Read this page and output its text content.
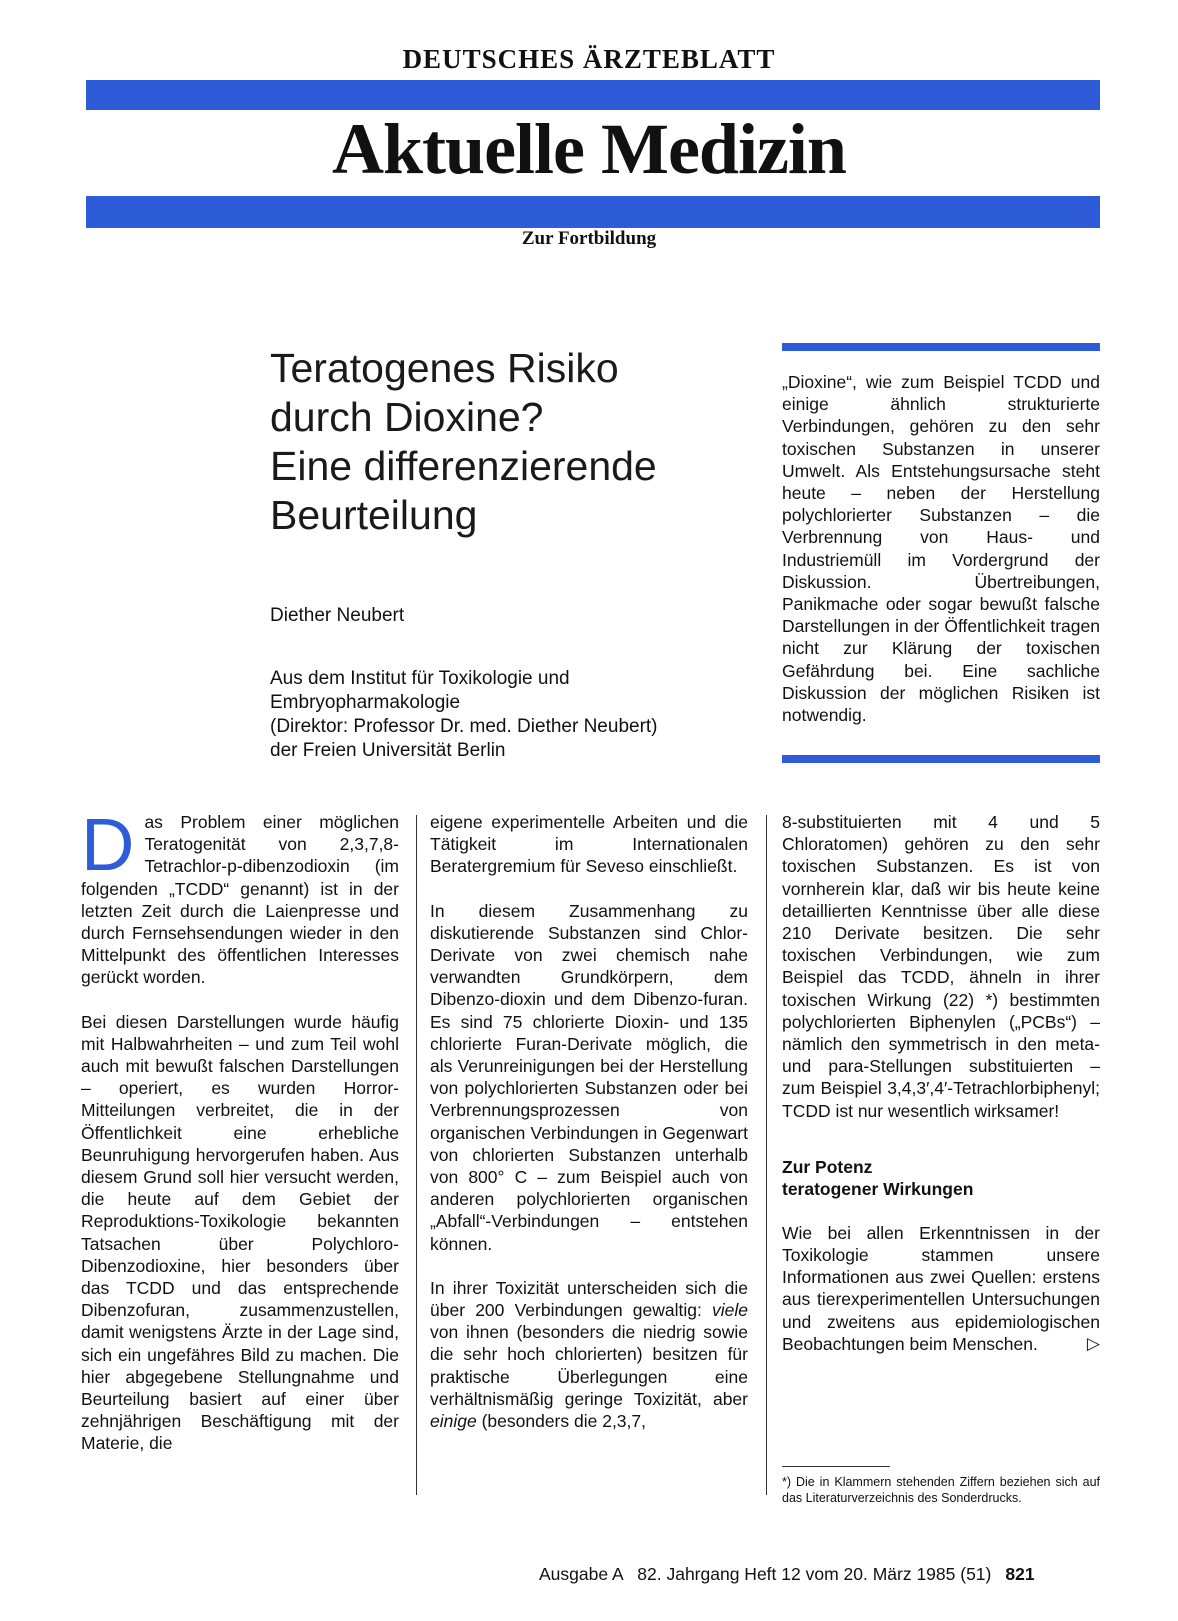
DEUTSCHES ÄRZTEBLATT
Aktuelle Medizin
Zur Fortbildung
Teratogenes Risiko
durch Dioxine?
Eine differenzierende
Beurteilung
Diether Neubert
Aus dem Institut für Toxikologie und
Embryopharmakologie
(Direktor: Professor Dr. med. Diether Neubert)
der Freien Universität Berlin
„Dioxine“, wie zum Beispiel TCDD und einige ähnlich strukturierte Verbindungen, gehören zu den sehr toxischen Substanzen in unserer Umwelt. Als Entstehungsursache steht heute – neben der Herstellung polychlorierter Substanzen – die Verbrennung von Haus- und Industriemüll im Vordergrund der Diskussion. Übertreibungen, Panikmache oder sogar bewußt falsche Darstellungen in der Öffentlichkeit tragen nicht zur Klärung der toxischen Gefährdung bei. Eine sachliche Diskussion der möglichen Risiken ist notwendig.

Das Problem einer möglichen Teratogenität von 2,3,7,8-Tetrachlor-p-dibenzodioxin (im folgenden „TCDD“ genannt) ist in der letzten Zeit durch die Laienpresse und durch Fernsehsendungen wieder in den Mittelpunkt des öffentlichen Interesses gerückt worden.

Bei diesen Darstellungen wurde häufig mit Halbwahrheiten – und zum Teil wohl auch mit bewußt falschen Darstellungen – operiert, es wurden Horror-Mitteilungen verbreitet, die in der Öffentlichkeit eine erhebliche Beunruhigung hervorgerufen haben. Aus diesem Grund soll hier versucht werden, die heute auf dem Gebiet der Reproduktions-Toxikologie bekannten Tatsachen über Polychloro-Dibenzodioxine, hier besonders über das TCDD und das entsprechende Dibenzofuran, zusammenzustellen, damit wenigstens Ärzte in der Lage sind, sich ein ungefähres Bild zu machen. Die hier abgegebene Stellungnahme und Beurteilung basiert auf einer über zehnjährigen Beschäftigung mit der Materie, die

eigene experimentelle Arbeiten und die Tätigkeit im Internationalen Beratergremium für Seveso einschließt.

In diesem Zusammenhang zu diskutierende Substanzen sind Chlor-Derivate von zwei chemisch nahe verwandten Grundkörpern, dem Dibenzo-dioxin und dem Dibenzo-furan. Es sind 75 chlorierte Dioxin- und 135 chlorierte Furan-Derivate möglich, die als Verunreinigungen bei der Herstellung von polychlorierten Substanzen oder bei Verbrennungsprozessen von organischen Verbindungen in Gegenwart von chlorierten Substanzen unterhalb von 800° C – zum Beispiel auch von anderen polychlorierten organischen „Abfall“-Verbindungen – entstehen können.

In ihrer Toxizität unterscheiden sich die über 200 Verbindungen gewaltig: viele von ihnen (besonders die niedrig sowie die sehr hoch chlorierten) besitzen für praktische Überlegungen eine verhältnismäßig geringe Toxizität, aber einige (besonders die 2,3,7,

8-substituierten mit 4 und 5 Chloratomen) gehören zu den sehr toxischen Substanzen. Es ist von vornherein klar, daß wir bis heute keine detaillierten Kenntnisse über alle diese 210 Derivate besitzen. Die sehr toxischen Verbindungen, wie zum Beispiel das TCDD, ähneln in ihrer toxischen Wirkung (22) *) bestimmten polychlorierten Biphenylen („PCBs“) – nämlich den symmetrisch in den meta- und para-Stellungen substituierten – zum Beispiel 3,4,3′,4′-Tetrachlorbiphenyl; TCDD ist nur wesentlich wirksamer!

Zur Potenz
teratogener Wirkungen

Wie bei allen Erkenntnissen in der Toxikologie stammen unsere Informationen aus zwei Quellen: erstens aus tierexperimentellen Untersuchungen und zweitens aus epidemiologischen Beobachtungen beim Menschen.	▷

*) Die in Klammern stehenden Ziffern beziehen sich auf das Literaturverzeichnis des Sonderdrucks.
Ausgabe A   82. Jahrgang Heft 12 vom 20. März 1985 (51) 821
